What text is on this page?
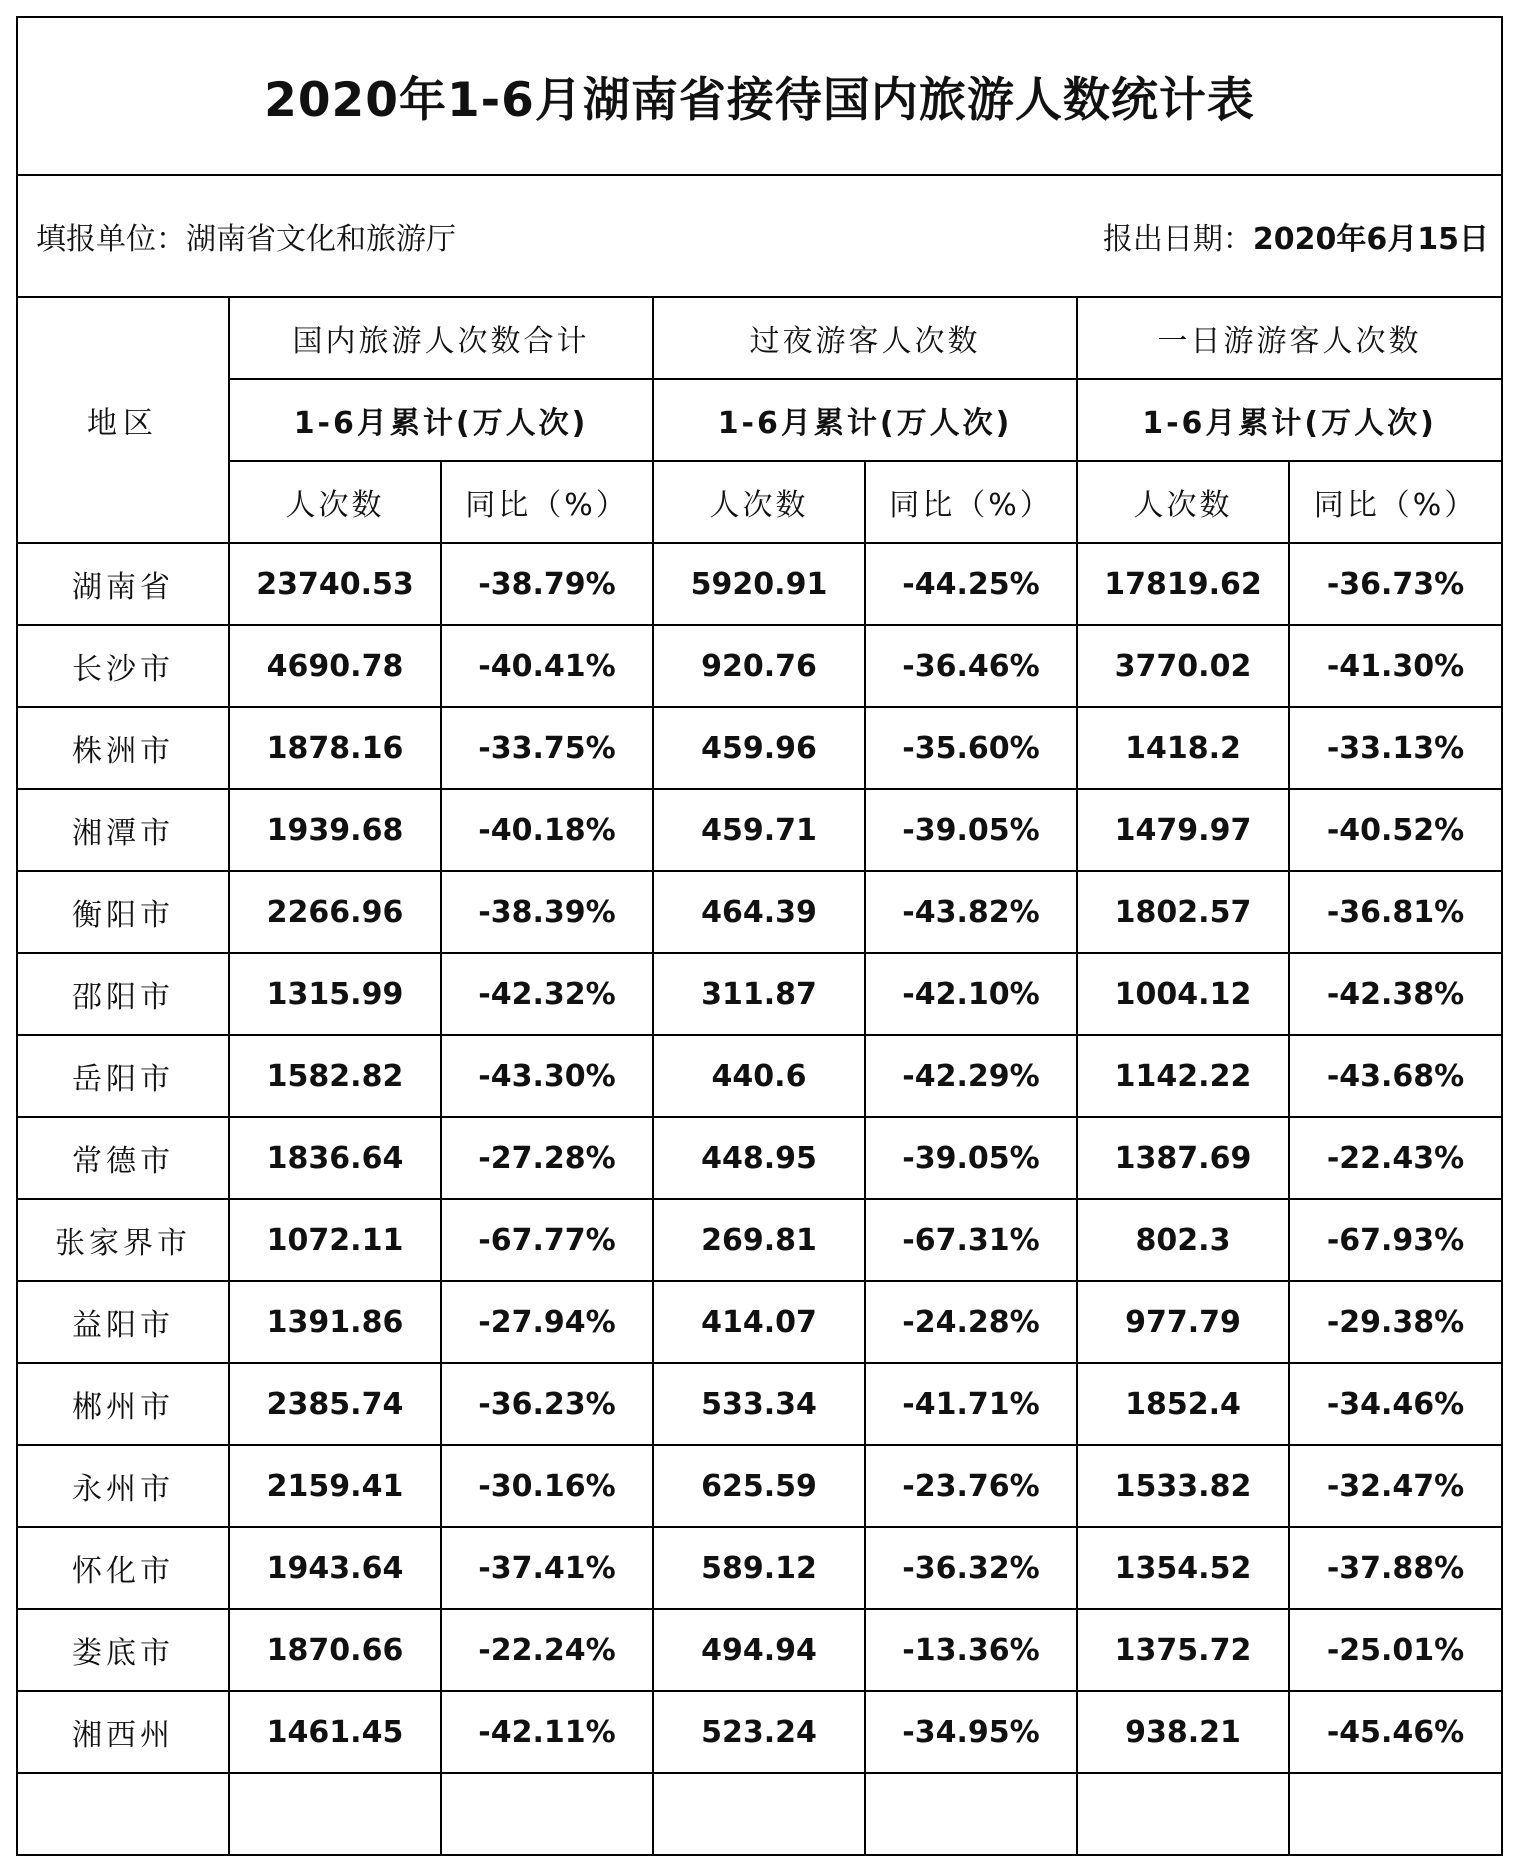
2020年1-6月湖南省接待国内旅游人数统计表						

填报单位：湖南省文化和旅游厅 报出日期：2020年6月15日						

地区	国内旅游人次数合计		过夜游客人次数		一日游游客人次数	
	1-6月累计(万人次)		1-6月累计(万人次)		1-6月累计(万人次)	
	人次数	同比（%）	人次数	同比（%）	人次数	同比（%）
湖南省	23740.53	-38.79%	5920.91	-44.25%	17819.62	-36.73%
长沙市	4690.78	-40.41%	920.76	-36.46%	3770.02	-41.30%
株洲市	1878.16	-33.75%	459.96	-35.60%	1418.2	-33.13%
湘潭市	1939.68	-40.18%	459.71	-39.05%	1479.97	-40.52%
衡阳市	2266.96	-38.39%	464.39	-43.82%	1802.57	-36.81%
邵阳市	1315.99	-42.32%	311.87	-42.10%	1004.12	-42.38%
岳阳市	1582.82	-43.30%	440.6	-42.29%	1142.22	-43.68%
常德市	1836.64	-27.28%	448.95	-39.05%	1387.69	-22.43%
张家界市	1072.11	-67.77%	269.81	-67.31%	802.3	-67.93%
益阳市	1391.86	-27.94%	414.07	-24.28%	977.79	-29.38%
郴州市	2385.74	-36.23%	533.34	-41.71%	1852.4	-34.46%
永州市	2159.41	-30.16%	625.59	-23.76%	1533.82	-32.47%
怀化市	1943.64	-37.41%	589.12	-36.32%	1354.52	-37.88%
娄底市	1870.66	-22.24%	494.94	-13.36%	1375.72	-25.01%
湘西州	1461.45	-42.11%	523.24	-34.95%	938.21	-45.46%
